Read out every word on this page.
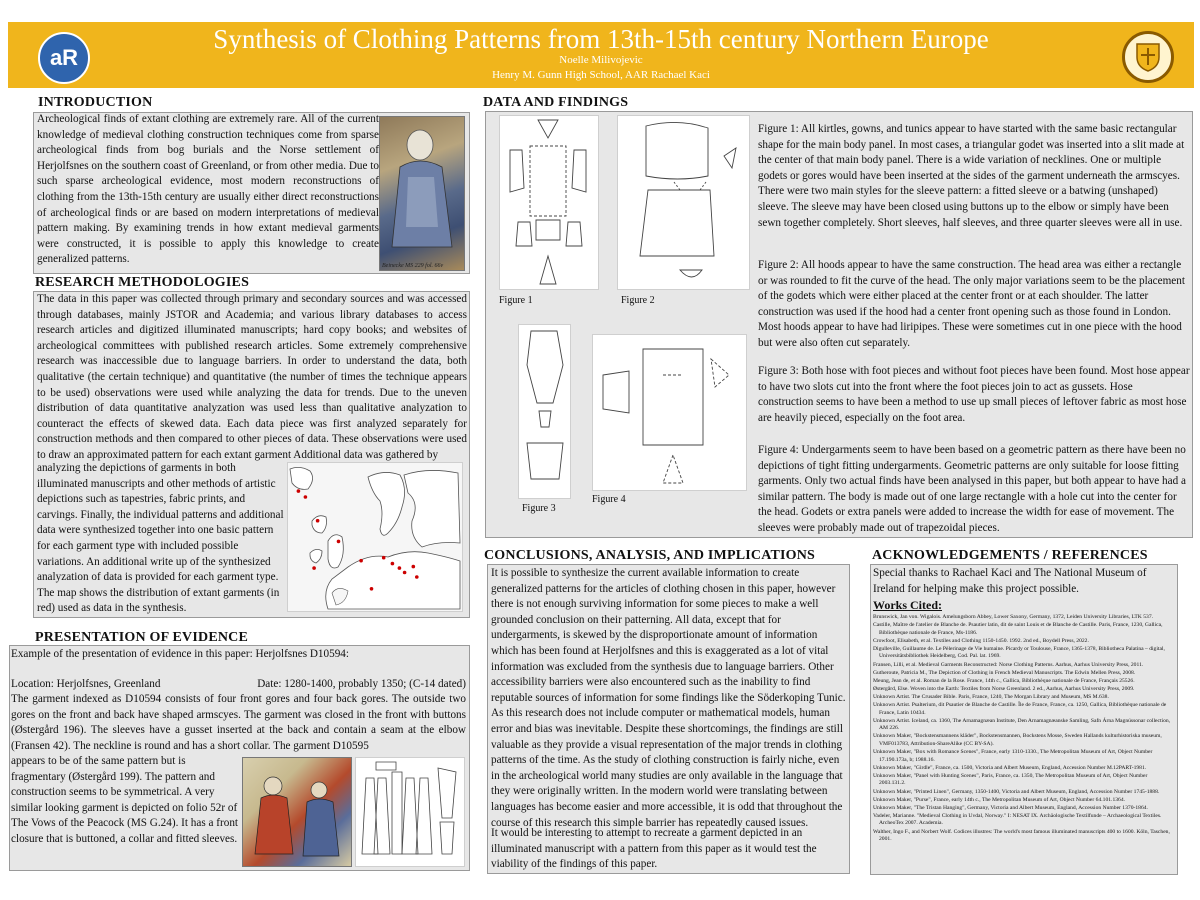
aR
Synthesis of Clothing Patterns from 13th-15th century Northern Europe
Noelle Milivojevic
Henry M. Gunn High School, AAR Rachael Kaci
INTRODUCTION

Archeological finds of extant clothing are extremely rare. All of the current knowledge of medieval clothing construction techniques come from sparse archeological finds from bog burials and the Norse settlement of Herjolfsnes on the southern coast of Greenland, or from other media. Due to such sparse archeological evidence, most modern reconstructions of clothing from the 13th-15th century are usually either direct reconstructions of archeological finds or are based on modern interpretations of medieval pattern making. By examining trends in how extant medieval garments were constructed, it is possible to apply this knowledge to create generalized patterns.

Beinecke MS 229 fol. 66v
RESEARCH METHODOLOGIES

The data in this paper was collected through primary and secondary sources and was accessed through databases, mainly JSTOR and Academia; and various library databases to access research articles and digitized illuminated manuscripts; hard copy books; and websites of archeological committees with published research articles. Some extremely comprehensive research was inaccessible due to language barriers. In order to understand the data, both qualitative (the certain technique) and quantitative (the number of times the technique appears to be used) observations were used while analyzing the data for trends. Due to the uneven distribution of data quantitative analyzation was used less than qualitative analyzation to counteract the effects of skewed data. Each data piece was first analyzed separately for construction methods and then compared to other pieces of data. These observations were used to draw an approximated pattern for each extant garment Additional data was gathered by

analyzing the depictions of garments in both illuminated manuscripts and other methods of artistic depictions such as tapestries, fabric prints, and carvings. Finally, the individual patterns and additional data were synthesized together into one basic pattern for each garment type with included possible variations. An additional write up of the synthesized analyzation of data is provided for each garment type. The map shows the distribution of extant garments (in red) used as data in the synthesis.

PRESENTATION OF EVIDENCE

Example of the presentation of evidence in this paper: Herjolfsnes D10594:

Location: Herjolfsnes, Greenland	Date: 1280-1400, probably 1350; (C-14 dated)

The garment indexed as D10594 consists of four front gores and four back gores. The outside two gores on the front and back have shaped armscyes. The garment was closed in the front with buttons (Østergård 196). The sleeves have a gusset inserted at the back and contain a seam at the elbow (Fransen 42). The neckline is round and has a short collar. The garment D10595

appears to be of the same pattern but is fragmentary (Østergård 199). The pattern and construction seems to be symmetrical. A very similar looking garment is depicted on folio 52r of The Vows of the Peacock (MS G.24). It has a front closure that is buttoned, a collar and fitted sleeves.

DATA AND FINDINGS
Figure 1	Figure 2
Figure 3
Figure 4

Figure 1: All kirtles, gowns, and tunics appear to have started with the same basic rectangular shape for the main body panel. In most cases, a triangular godet was inserted into a slit made at the center of that main body panel. There is a wide variation of necklines. One or multiple godets or gores would have been inserted at the sides of the garment underneath the armscyes. There were two main styles for the sleeve pattern: a fitted sleeve or a batwing (unshaped) sleeve. The sleeve may have been closed using buttons up to the elbow or simply have been sewn together completely. Short sleeves, half sleeves, and three quarter sleeves were all in use.

Figure 2: All hoods appear to have the same construction. The head area was either a rectangle or was rounded to fit the curve of the head. The only major variations seem to be the placement of the godets which were either placed at the center front or at each shoulder. The latter construction was used if the hood had a center front opening such as those found in London. Most hoods appear to have had liripipes. These were sometimes cut in one piece with the hood but were also often cut separately.

Figure 3: Both hose with foot pieces and without foot pieces have been found. Most hose appear to have two slots cut into the front where the foot pieces join to act as gussets. Hose construction seems to have been a method to use up small pieces of leftover fabric as most hose are heavily pieced, especially on the foot area.

Figure 4: Undergarments seem to have been based on a geometric pattern as there have been no depictions of tight fitting undergarments. Geometric patterns are only suitable for loose fitting garments. Only two actual finds have been analysed in this paper, but both appear to have had a similar pattern. The body is made out of one large rectangle with a hole cut into the center for the head. Godets or extra panels were added to increase the width for ease of movement. The sleeves were probably made out of trapezoidal pieces.

CONCLUSIONS, ANALYSIS, AND IMPLICATIONS

It is possible to synthesize the current available information to create generalized patterns for the articles of clothing chosen in this paper, however there is not enough surviving information for some pieces to make a well grounded conclusion on their patterning. All data, except that for undergarments, is skewed by the disproportionate amount of information which has been found at Herjolfsnes and this is exaggerated as a lot of vital information was excluded from the synthesis due to language barriers. Other accessibility barriers were also encountered such as the inability to find reputable sources of information for some findings like the Söderkoping Tunic. As this research does not include computer or mathematical models, human error and bias was inevitable. Despite these shortcomings, the findings are still valuable as they provide a visual representation of the major trends in clothing patterns of the time. As the study of clothing construction is fairly niche, even in the archeological world many studies are only available in the language that they were originally written. In the modern world were translating between languages has become easier and more accessible, it is odd that throughout the course of this research this simple barrier has repeatedly caused issues.

It would be interesting to attempt to recreate a garment depicted in an illuminated manuscript with a pattern from this paper as it would test the viability of the findings of this paper.

ACKNOWLEDGEMENTS / REFERENCES

Special thanks to Rachael Kaci and The National Museum of Ireland for helping make this project possible.

Works Cited:

Brunswick, Jan von. Wigalois. Amelungsborn Abbey, Lower Saxony, Germany, 1372, Leiden University Libraries, LTK 537.

Castille, Maître de l'atelier de Blanche de. Psautier latin, dit de saint Louis et de Blanche de Castille. Paris, France, 1230, Gallica, Bibliothèque nationale de France, Ms-1186.

Crowfoot, Elisabeth, et al. Textiles and Clothing 1150-1450. 1992. 2nd ed., Boydell Press, 2022.

Digulleville, Guillaume de. Le Pèlerinage de Vie humaine. Picardy or Toulouse, France, 1365-1378, Bibliotheca Palatina – digital, Universitätsbibliothek Heidelberg, Cod. Pal. lat. 1969.

Fransen, Lilli, et al. Medieval Garments Reconstructed: Norse Clothing Patterns. Aarhus, Aarhus University Press, 2011.

Gutheroute, Patricia M., The Depiction of Clothing in French Medieval Manuscripts. The Edwin Mellen Press, 2008.

Meung, Jean de, et al. Roman de la Rose. France, 14th c., Gallica, Bibliothèque nationale de France, Français 25526.

Østergård, Else. Woven into the Earth: Textiles from Norse Greenland. 2 ed., Aarhus, Aarhus University Press, 2009.

Unknown Artist. The Crusader Bible. Paris, France, 1240, The Morgan Library and Museum, MS M.638.

Unknown Artist. Psalterium, dit Psautier de Blanche de Castille. Île de France, France, ca. 1250, Gallica, Bibliothèque nationale de France, Latin 10434.

Unknown Artist. Iceland, ca. 1360, The Arnamagnæan Institute, Den Arnamagnæanske Samling, Safn Árna Magnússonar collection, AM 226.

Unknown Maker, "Bockstensmannens kläder", Bockstensmannen, Bockstens Mosse, Sweden Hallands kulturhistoriska museum, VMF013783, Attribution-ShareAlike (CC BY-SA).

Unknown Maker, "Box with Romance Scenes", France, early 1310-1330., The Metropolitan Museum of Art, Object Number 17.190.173a, b; 1988.16.

Unknown Maker, "Girdle", France, ca. 1500, Victoria and Albert Museum, England, Accession Number M.12PART-1981.

Unknown Maker, "Panel with Hunting Scenes", Paris, France, ca. 1350, The Metropolitan Museum of Art, Object Number 2003.131.2.

Unknown Maker, "Printed Linen", Germany, 1350-1400, Victoria and Albert Museum, England, Accession Number 1745-1888.

Unknown Maker, "Purse", France, early 14th c., The Metropolitan Museum of Art, Object Number 64.101.1364.

Unknown Maker, "The Tristan Hanging", Germany, Victoria and Albert Museum, England, Accession Number 1370-1864.

Vadeler, Marianne. "Medieval Clothing in Uvdal, Norway." I: NESAT IX. Archäologische Textilfunde – Archaeological Textiles. ArcheoTex 2007. Academia.

Walther, Ingo F., and Norbert Wolf. Codices illustres: The world's most famous illuminated manuscripts 400 to 1600. Köln, Taschen, 2001.
